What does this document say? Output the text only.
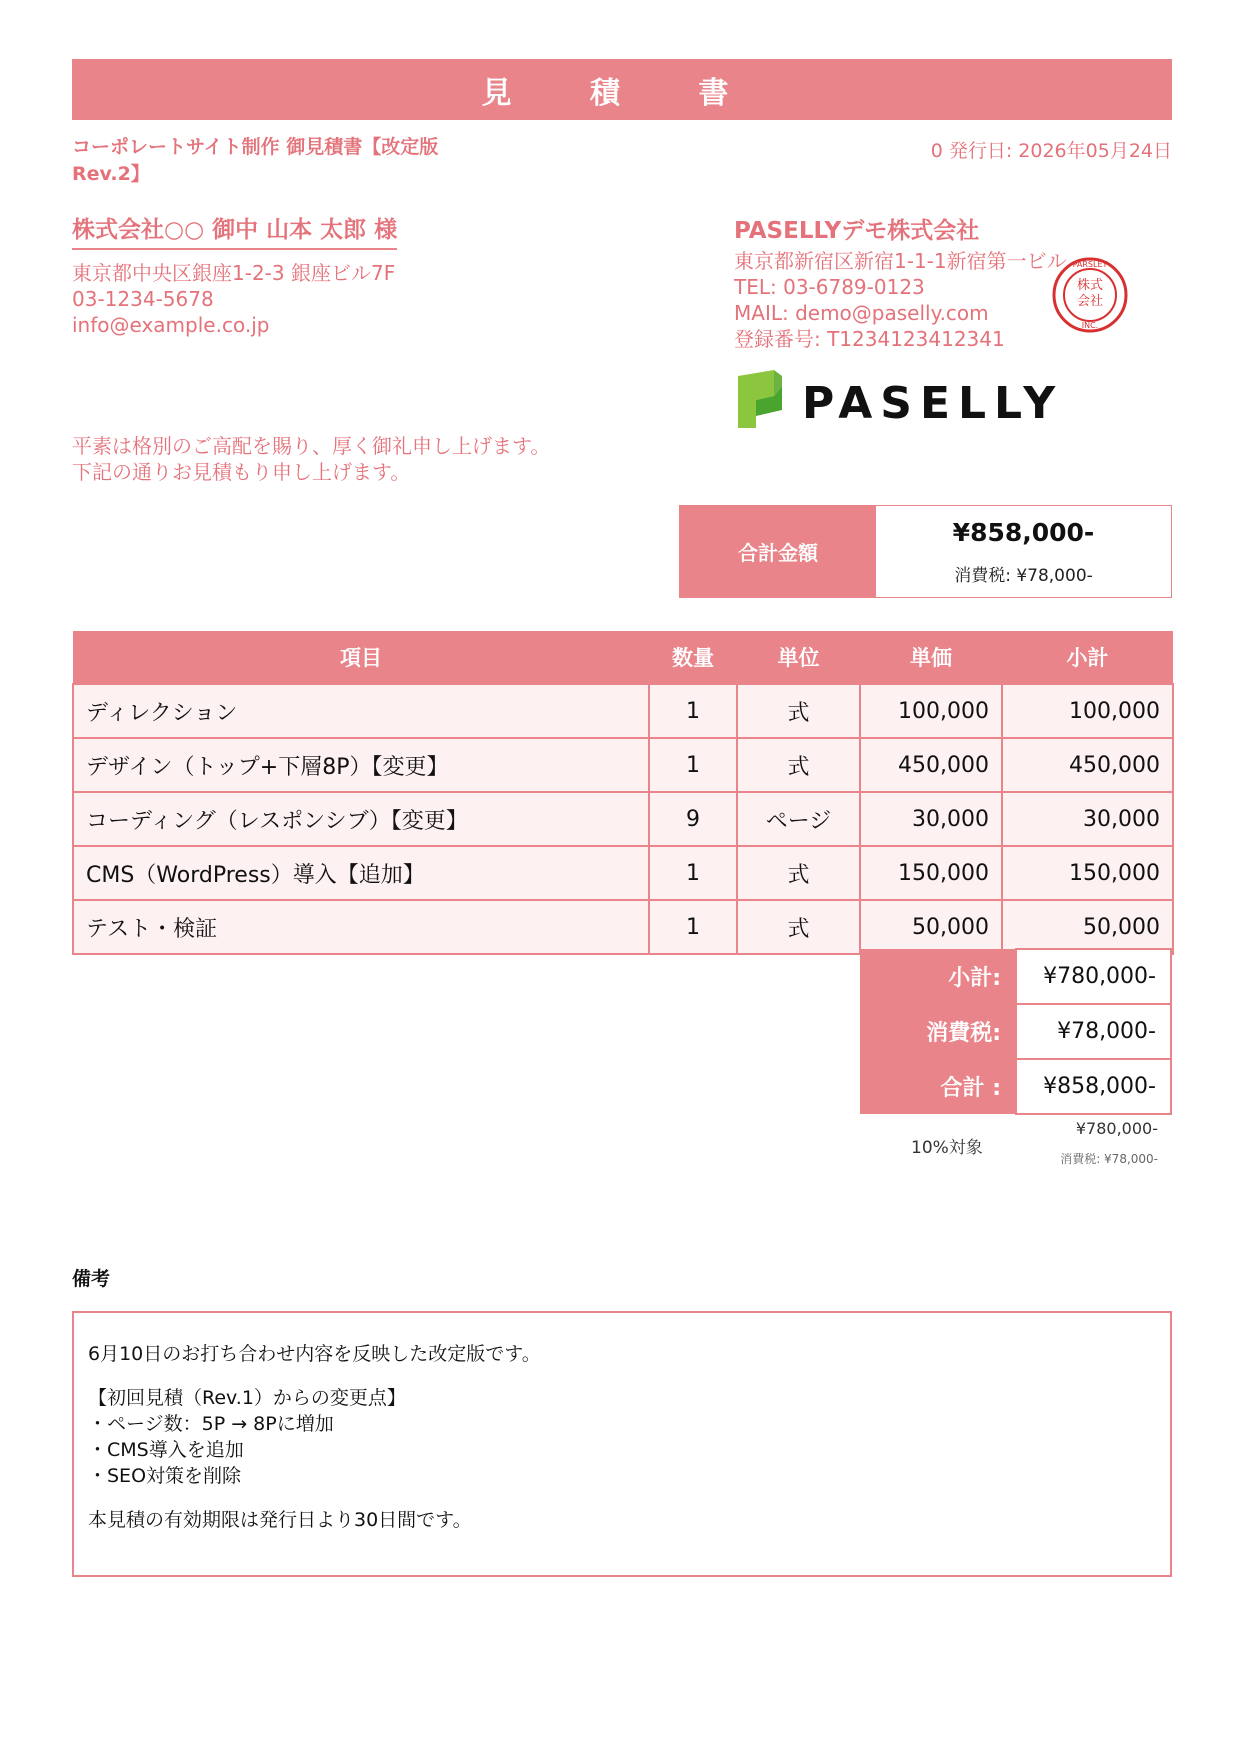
見 積 書
コーポレートサイト制作 御見積書【改定版 Rev.2】
0 発行日: 2026年05月24日
株式会社○○ 御中 山本 太郎 様
東京都中央区銀座1-2-3 銀座ビル7F
03-1234-5678
info@example.co.jp
PASELLYデモ株式会社
東京都新宿区新宿1-1-1新宿第一ビル
TEL: 03-6789-0123
MAIL: demo@paselly.com
登録番号: T1234123412341
株式
会社
PARSLEY
INC.
PASELLY
平素は格別のご高配を賜り、厚く御礼申し上げます。
下記の通りお見積もり申し上げます。
合計金額
¥858,000-
消費税: ¥78,000-
項目	数量	単位	単価	小計
ディレクション	1	式	100,000	100,000
デザイン（トップ+下層8P）【変更】	1	式	450,000	450,000
コーディング（レスポンシブ）【変更】	9	ページ	30,000	30,000
CMS（WordPress）導入【追加】	1	式	150,000	150,000
テスト・検証	1	式	50,000	50,000
小計:	¥780,000-
消費税:	¥78,000-
合計 :	¥858,000-
10%対象
¥780,000-
消費税: ¥78,000-
備考

6月10日のお打ち合わせ内容を反映した改定版です。

【初回見積（Rev.1）からの変更点】

・ページ数：5P → 8Pに増加

・CMS導入を追加

・SEO対策を削除

本見積の有効期限は発行日より30日間です。
